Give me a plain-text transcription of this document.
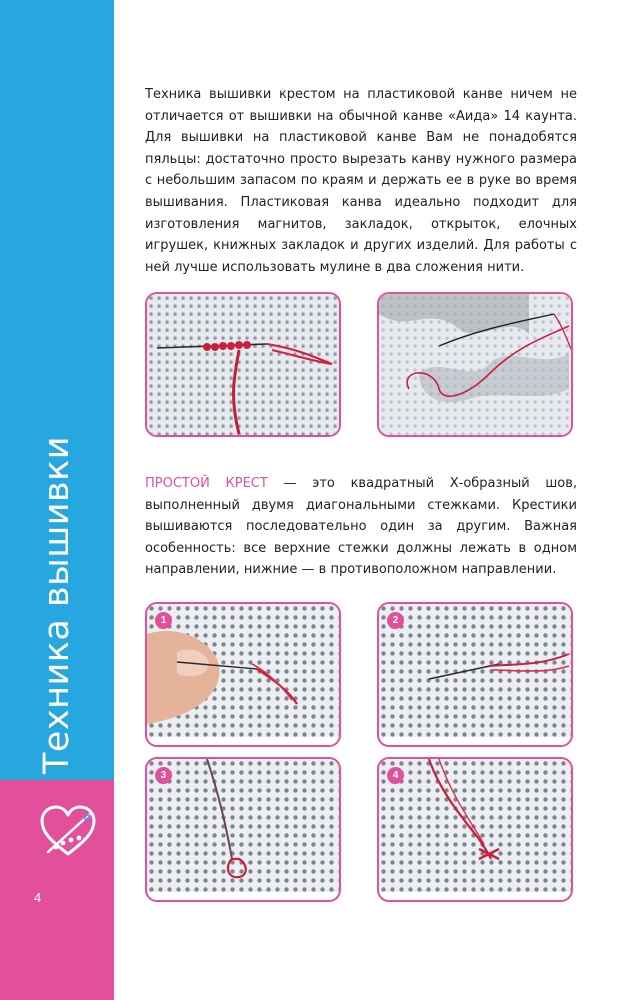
Техника вышивки
4

Техника вышивки крестом на пластиковой канве ничем не отличается от вышивки на обычной канве «Аида» 14 каунта. Для вышивки на пластиковой канве Вам не понадобятся пяльцы: достаточно просто вырезать канву нужного размера с небольшим запасом по краям и держать ее в руке во время вышивания. Пластиковая канва идеально подходит для изготовления магнитов, закладок, открыток, елочных игрушек, книжных закладок и других изделий. Для работы с ней лучше использовать мулине в два сложения нити.

ПРОСТОЙ КРЕСТ — это квадратный Х-образный шов, выполненный двумя диагональными стежками. Крестики вышиваются последовательно один за другим. Важная особенность: все верхние стежки должны лежать в одном направлении, нижние — в противоположном направлении.

1	2
3	4
